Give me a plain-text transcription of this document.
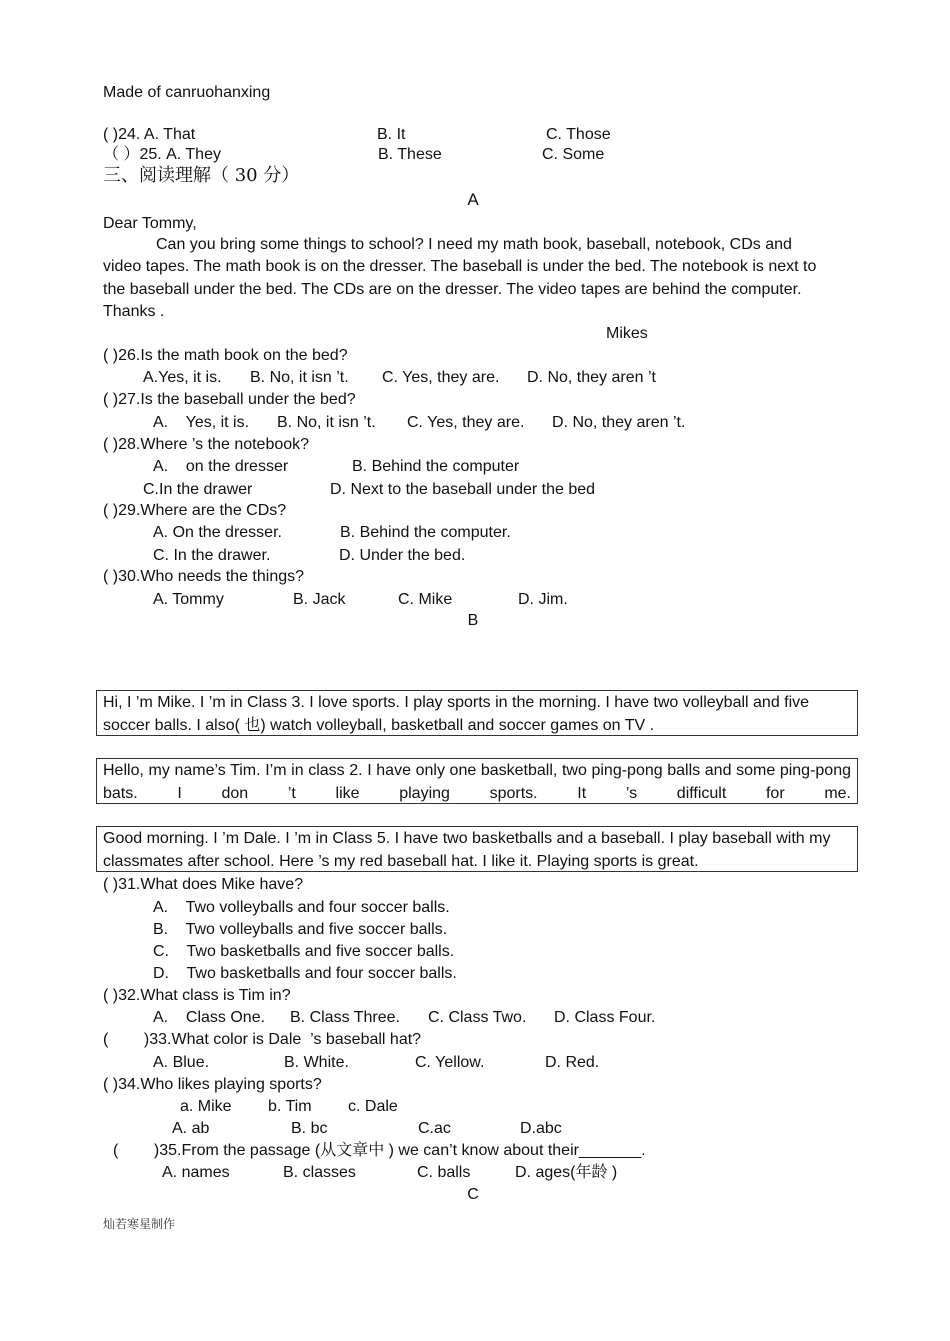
Made of canruohanxing
( )24. A. That	B. It	C. Those
（ ）25. A. They	B. These	C. Some
三、阅读理解（ 30 分）
A
Dear Tommy,
Can you bring some things to school? I need my math book, baseball, notebook, CDs and video tapes. The math book is on the dresser. The baseball is under the bed. The notebook is next to the baseball under the bed. The CDs are on the dresser. The video tapes are behind the computer. Thanks .
Mikes
( )26.Is the math book on the bed?
A.Yes, it is. B. No, it isn ’t. C. Yes, they are. D. No, they aren ’t
( )27.Is the baseball under the bed?
A.    Yes, it is. B. No, it isn ’t. C. Yes, they are. D. No, they aren ’t.
( )28.Where ’s the notebook?
A.    on the dresser	B. Behind the computer
C.In the drawer	D. Next to the baseball under the bed
( )29.Where are the CDs?
A. On the dresser.	B. Behind the computer.
C. In the drawer.	D. Under the bed.
( )30.Who needs the things?
A. Tommy	B. Jack	C. Mike	D. Jim.
B
Hi, I ’m Mike. I ’m in Class 3. I love sports. I play sports in the morning. I have two volleyball and five soccer balls. I also( 也) watch volleyball, basketball and soccer games on TV .
Hello, my name’s Tim. I’m in class 2. I have only one basketball, two ping-pong balls and some ping-pong bats. I don ’t like playing sports. It ’s difficult for me.
Good morning. I ’m Dale. I ’m in Class 5. I have two basketballs and a baseball. I play baseball with my classmates after school. Here ’s my red baseball hat. I like it. Playing sports is great.
( )31.What does Mike have?
A.    Two volleyballs and four soccer balls.
B.    Two volleyballs and five soccer balls.
C.    Two basketballs and five soccer balls.
D.    Two basketballs and four soccer balls.
( )32.What class is Tim in?
A.    Class One. B. Class Three. C. Class Two. D. Class Four.
(        )33.What color is Dale  ’s baseball hat?
A. Blue.	B. White.	C. Yellow.	D. Red.
( )34.Who likes playing sports?
a. Mike b. Tim c. Dale
A. ab	B. bc	C.ac	D.abc
(        )35.From the passage (从文章中 ) we can’t know about their_______.
A. names	B. classes	C. balls	D. ages(年龄 )
C
灿若寒星制作
